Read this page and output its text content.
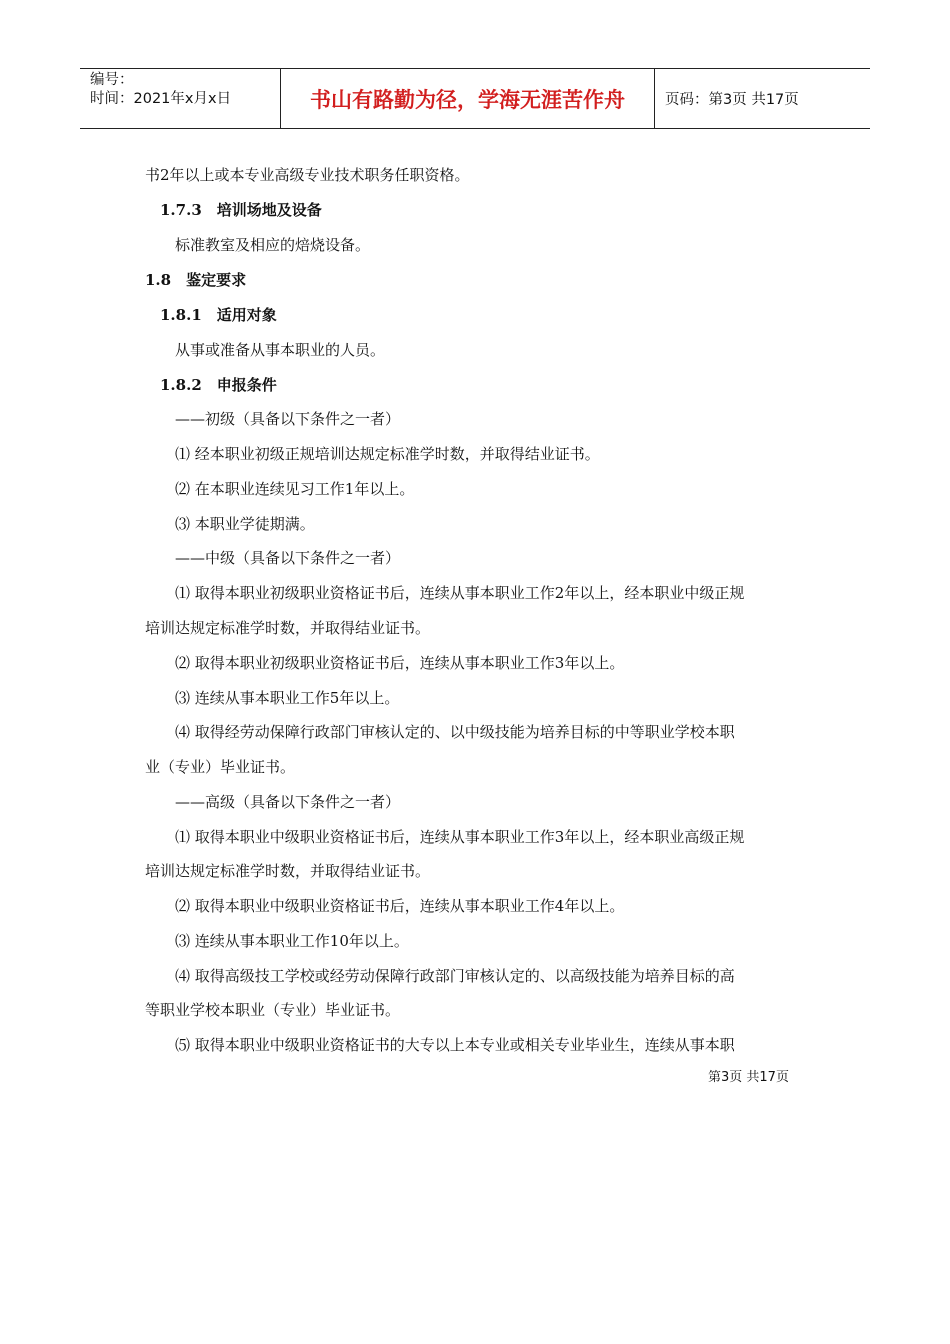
编号：
时间：2021年x月x日	书山有路勤为径，学海无涯苦作舟	页码：第3页 共17页
书2年以上或本专业高级专业技术职务任职资格。
1.7.3　培训场地及设备
标准教室及相应的焙烧设备。
1.8　鉴定要求
1.8.1　适用对象
从事或准备从事本职业的人员。
1.8.2　申报条件
——初级（具备以下条件之一者）
⑴ 经本职业初级正规培训达规定标准学时数，并取得结业证书。
⑵ 在本职业连续见习工作1年以上。
⑶ 本职业学徒期满。
——中级（具备以下条件之一者）
⑴ 取得本职业初级职业资格证书后，连续从事本职业工作2年以上，经本职业中级正规
培训达规定标准学时数，并取得结业证书。
⑵ 取得本职业初级职业资格证书后，连续从事本职业工作3年以上。
⑶ 连续从事本职业工作5年以上。
⑷ 取得经劳动保障行政部门审核认定的、以中级技能为培养目标的中等职业学校本职
业（专业）毕业证书。
——高级（具备以下条件之一者）
⑴ 取得本职业中级职业资格证书后，连续从事本职业工作3年以上，经本职业高级正规
培训达规定标准学时数，并取得结业证书。
⑵ 取得本职业中级职业资格证书后，连续从事本职业工作4年以上。
⑶ 连续从事本职业工作10年以上。
⑷ 取得高级技工学校或经劳动保障行政部门审核认定的、以高级技能为培养目标的高
等职业学校本职业（专业）毕业证书。
⑸ 取得本职业中级职业资格证书的大专以上本专业或相关专业毕业生，连续从事本职
第3页 共17页
